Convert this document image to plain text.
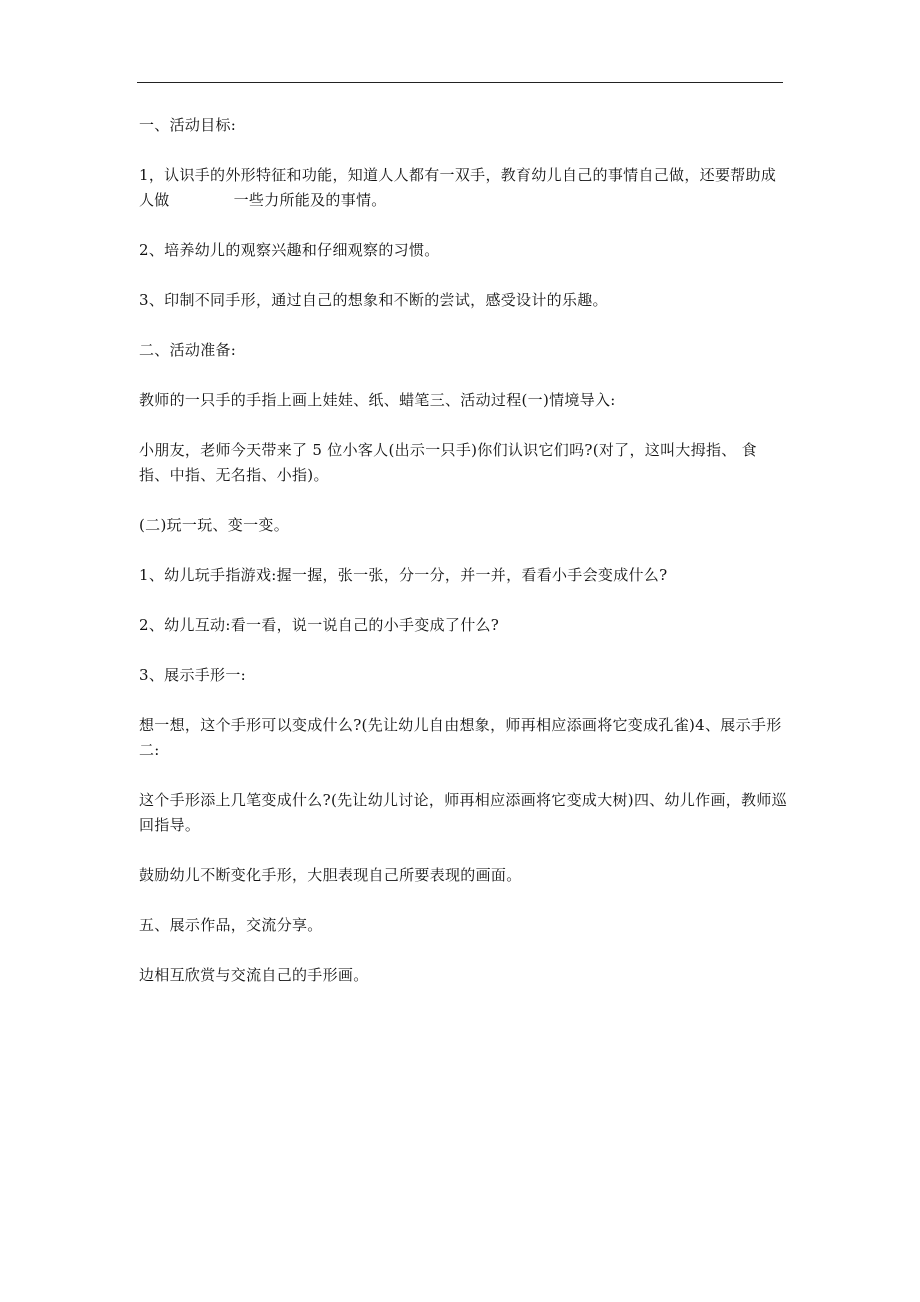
一、活动目标:

1，认识手的外形特征和功能，知道人人都有一双手，教育幼儿自己的事情自己做，还要帮助成人做	一些力所能及的事情。

2、培养幼儿的观察兴趣和仔细观察的习惯。

3、印制不同手形，通过自己的想象和不断的尝试，感受设计的乐趣。

二、活动准备:

教师的一只手的手指上画上娃娃、纸、蜡笔三、活动过程(一)情境导入:

小朋友，老师今天带来了 5 位小客人(出示一只手)你们认识它们吗?(对了，这叫大拇指、 食指、中指、无名指、小指)。

(二)玩一玩、变一变。

1、幼儿玩手指游戏:握一握，张一张，分一分，并一并，看看小手会变成什么?

2、幼儿互动:看一看，说一说自己的小手变成了什么?

3、展示手形一:

想一想，这个手形可以变成什么?(先让幼儿自由想象，师再相应添画将它变成孔雀)4、展示手形二:

这个手形添上几笔变成什么?(先让幼儿讨论，师再相应添画将它变成大树)四、幼儿作画，教师巡回指导。

鼓励幼儿不断变化手形，大胆表现自己所要表现的画面。

五、展示作品，交流分享。

边相互欣赏与交流自己的手形画。
